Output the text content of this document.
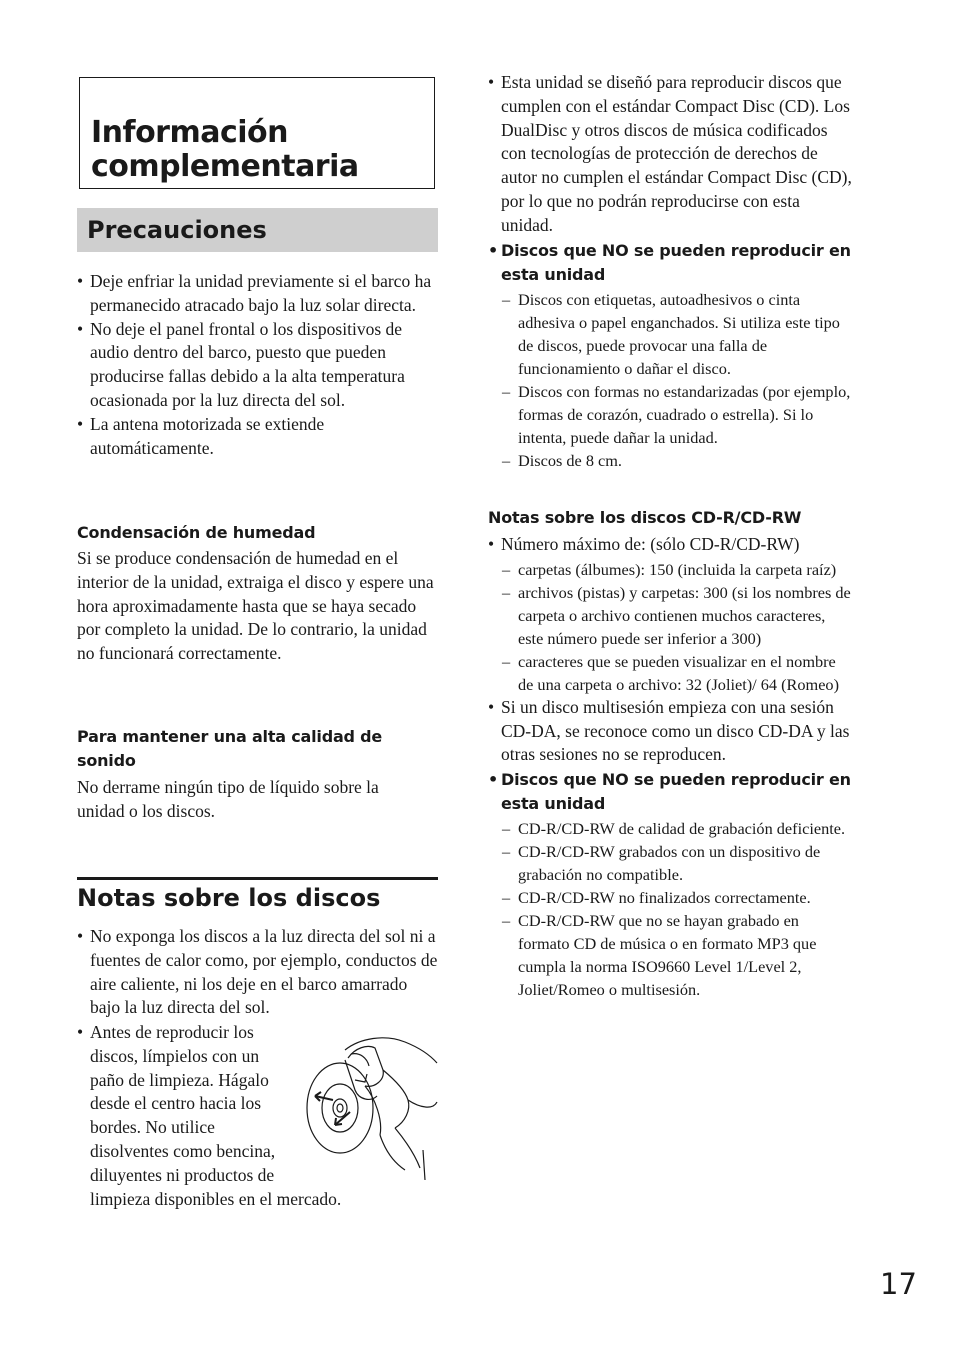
Información complementaria
Precauciones
• Deje enfriar la unidad previamente si el barco ha permanecido atracado bajo la luz solar directa.
• No deje el panel frontal o los dispositivos de audio dentro del barco, puesto que pueden producirse fallas debido a la alta temperatura ocasionada por la luz directa del sol.
• La antena motorizada se extiende automáticamente.

Condensación de humedad

Si se produce condensación de humedad en el interior de la unidad, extraiga el disco y espere una hora aproximadamente hasta que se haya secado por completo la unidad. De lo contrario, la unidad no funcionará correctamente.

Para mantener una alta calidad de sonido

No derrame ningún tipo de líquido sobre la unidad o los discos.

Notas sobre los discos
• No exponga los discos a la luz directa del sol ni a fuentes de calor como, por ejemplo, conductos de aire caliente, ni los deje en el barco amarrado bajo la luz directa del sol.
• Antes de reproducir los
discos, límpielos con un
paño de limpieza. Hágalo
desde el centro hacia los
bordes. No utilice
disolventes como bencina,
diluyentes ni productos de
limpieza disponibles en el mercado.
• Esta unidad se diseñó para reproducir discos que cumplen con el estándar Compact Disc (CD). Los DualDisc y otros discos de música codificados con tecnologías de protección de derechos de autor no cumplen el estándar Compact Disc (CD), por lo que no podrán reproducirse con esta unidad.
• Discos que NO se pueden reproducir en esta unidad
– Discos con etiquetas, autoadhesivos o cinta adhesiva o papel enganchados. Si utiliza este tipo de discos, puede provocar una falla de funcionamiento o dañar el disco.
– Discos con formas no estandarizadas (por ejemplo, formas de corazón, cuadrado o estrella). Si lo intenta, puede dañar la unidad.
– Discos de 8 cm.

Notas sobre los discos CD-R/CD-RW

• Número máximo de: (sólo CD-R/CD-RW)
– carpetas (álbumes): 150 (incluida la carpeta raíz)
– archivos (pistas) y carpetas: 300 (si los nombres de carpeta o archivo contienen muchos caracteres, este número puede ser inferior a 300)
– caracteres que se pueden visualizar en el nombre de una carpeta o archivo: 32 (Joliet)/ 64 (Romeo)
• Si un disco multisesión empieza con una sesión CD-DA, se reconoce como un disco CD-DA y las otras sesiones no se reproducen.
• Discos que NO se pueden reproducir en esta unidad
– CD-R/CD-RW de calidad de grabación deficiente.
– CD-R/CD-RW grabados con un dispositivo de grabación no compatible.
– CD-R/CD-RW no finalizados correctamente.
– CD-R/CD-RW que no se hayan grabado en formato CD de música o en formato MP3 que cumpla la norma ISO9660 Level 1/Level 2, Joliet/Romeo o multisesión.
17
